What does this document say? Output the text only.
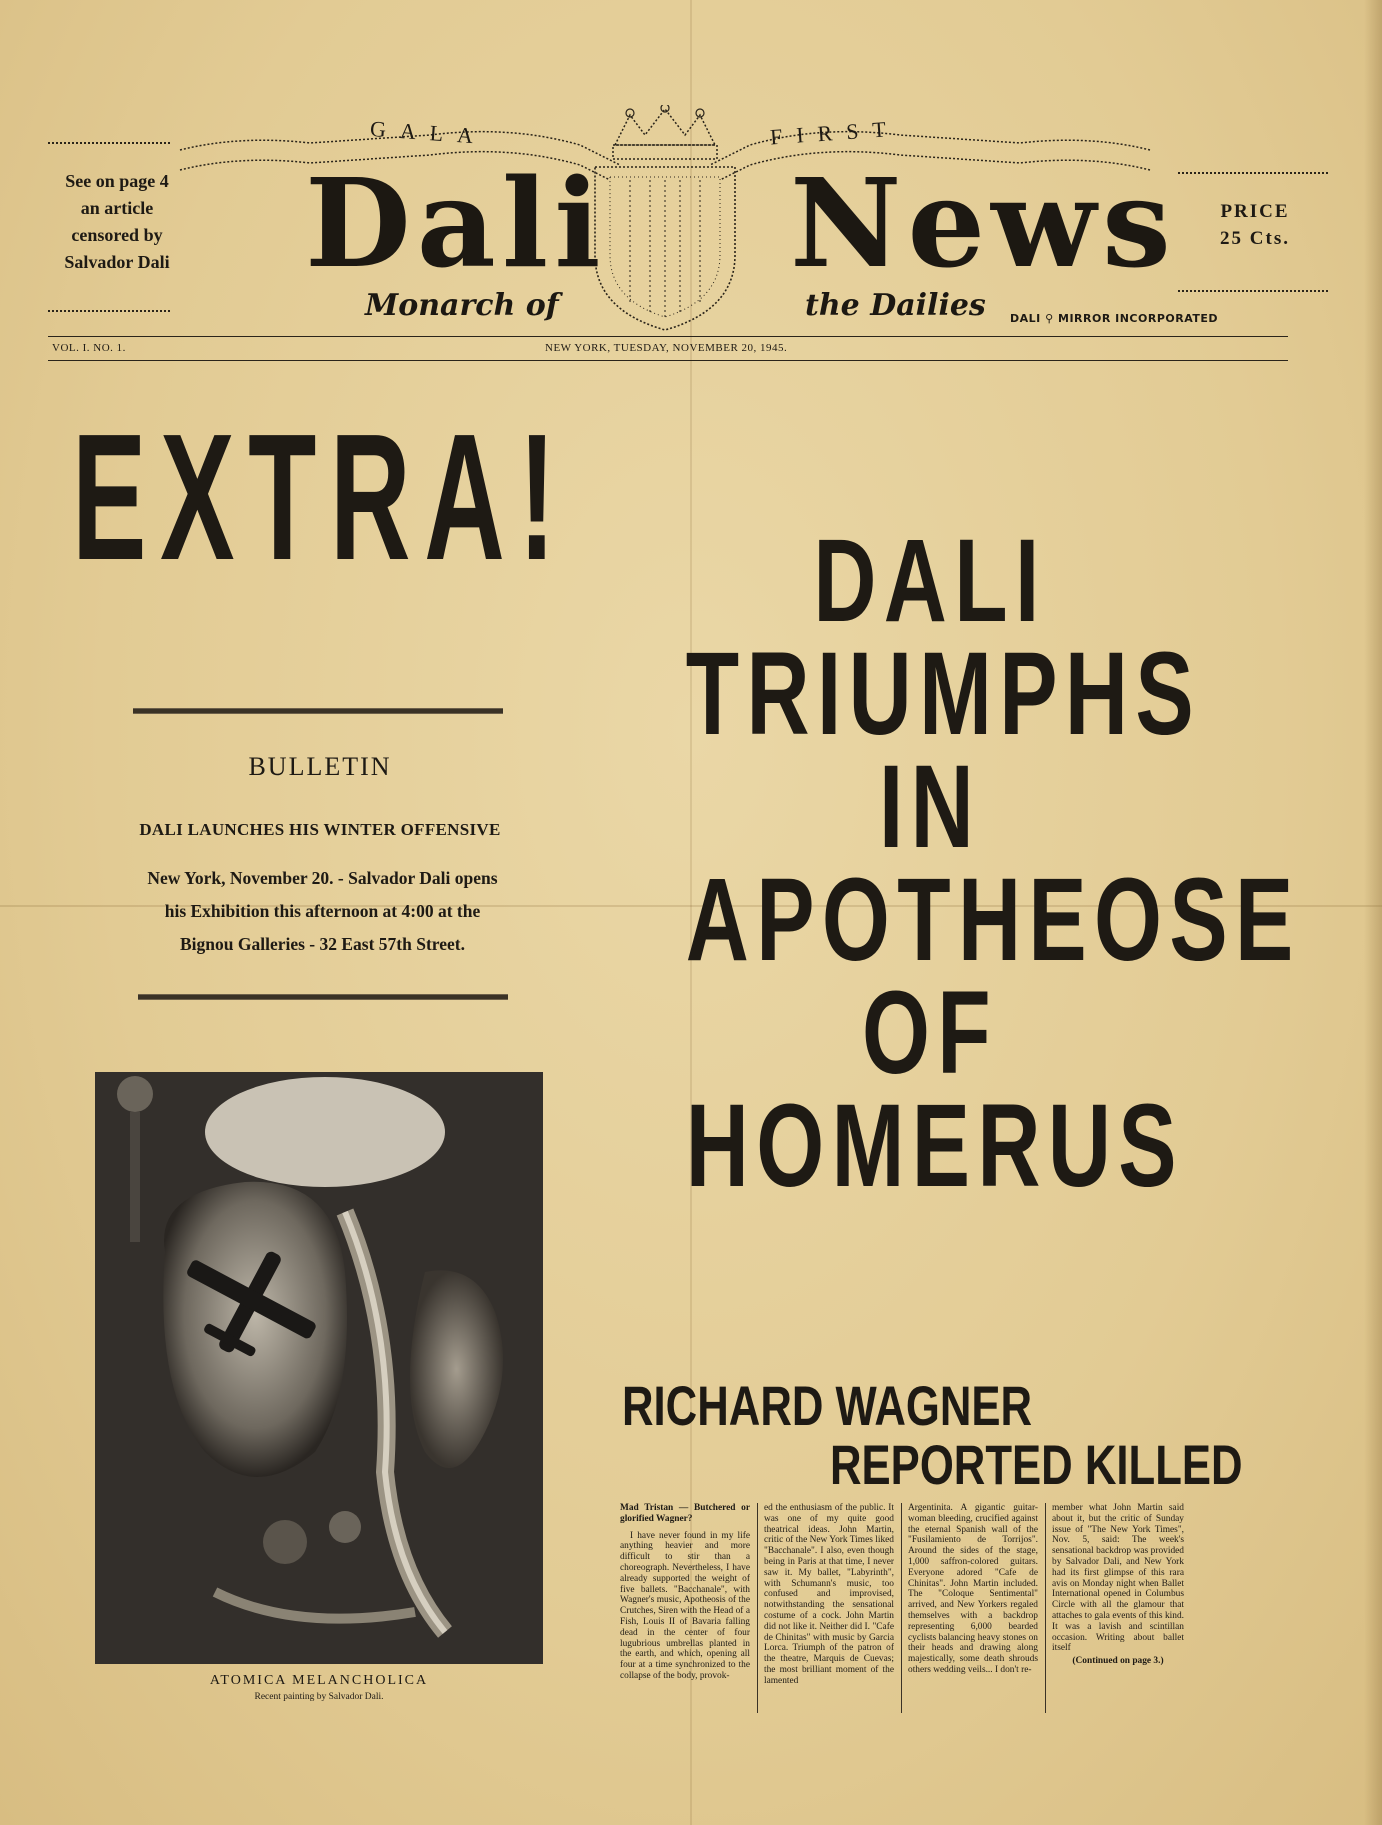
See on page 4
an article
censored by
Salvador Dali
GALA	FIRST
Dali News
Monarch of	the Dailies DALI ⚲ MIRROR INCORPORATED
PRICE
25 Cts.
VOL. I. NO. 1.	NEW YORK, TUESDAY, NOVEMBER 20, 1945.
EXTRA!	DALI
TRIUMPHS
IN
APOTHEOSE
OF
HOMERUS
RICHARD WAGNER
REPORTED KILLED
BULLETIN
DALI LAUNCHES HIS WINTER OFFENSIVE
New York, November 20. - Salvador Dali opens
his Exhibition this afternoon at 4:00 at the
Bignou Galleries - 32 East 57th Street.
ATOMICA MELANCHOLICA
Recent painting by Salvador Dali.

Mad Tristan — Butchered or glorified Wagner?

I have never found in my life anything heavier and more difficult to stir than a choreograph. Nevertheless, I have already supported the weight of five ballets. "Bacchanale", with Wagner's music, Apotheosis of the Crutches, Siren with the Head of a Fish, Louis II of Bavaria falling dead in the center of four lugubrious umbrellas planted in the earth, and which, opening all four at a time synchronized to the collapse of the body, provok-

ed the enthusiasm of the public. It was one of my quite good theatrical ideas. John Martin, critic of the New York Times liked "Bacchanale". I also, even though being in Paris at that time, I never saw it. My ballet, "Labyrinth", with Schumann's music, too confused and improvised, notwithstanding the sensational costume of a cock. John Martin did not like it. Neither did I. "Cafe de Chinitas" with music by Garcia Lorca. Triumph of the patron of the theatre, Marquis de Cuevas; the most brilliant moment of the lamented

Argentinita. A gigantic guitar-woman bleeding, crucified against the eternal Spanish wall of the "Fusilamiento de Torrijos". Around the sides of the stage, 1,000 saffron-colored guitars. Everyone adored "Cafe de Chinitas". John Martin included. The "Coloque Sentimental" arrived, and New Yorkers regaled themselves with a backdrop representing 6,000 bearded cyclists balancing heavy stones on their heads and drawing along majestically, some death shrouds others wedding veils... I don't re-

member what John Martin said about it, but the critic of Sunday issue of "The New York Times", Nov. 5, said: The week's sensational backdrop was provided by Salvador Dali, and New York had its first glimpse of this rara avis on Monday night when Ballet International opened in Columbus Circle with all the glamour that attaches to gala events of this kind. It was a lavish and scintillan occasion. Writing about ballet itself

(Continued on page 3.)
